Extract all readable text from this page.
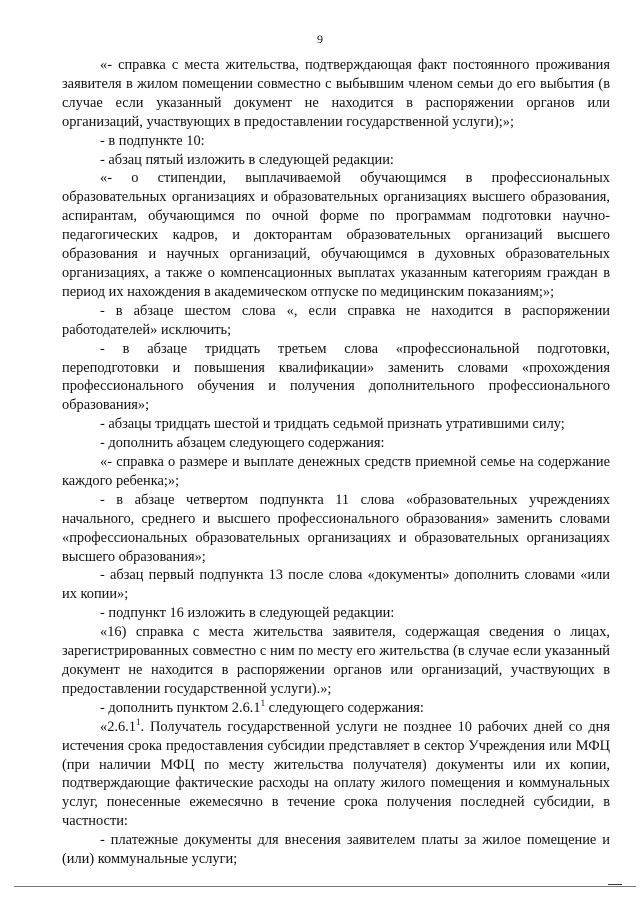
9

«- справка с места жительства, подтверждающая факт постоянного проживания заявителя в жилом помещении совместно с выбывшим членом семьи до его выбытия (в случае если указанный документ не находится в распоряжении органов или организаций, участвующих в предоставлении государственной услуги);»;

- в подпункте 10:

- абзац пятый изложить в следующей редакции:

«- о стипендии, выплачиваемой обучающимся в профессиональных образовательных организациях и образовательных организациях высшего образования, аспирантам, обучающимся по очной форме по программам подготовки научно-педагогических кадров, и докторантам образовательных организаций высшего образования и научных организаций, обучающимся в духовных образовательных организациях, а также о компенсационных выплатах указанным категориям граждан в период их нахождения в академическом отпуске по медицинским показаниям;»;

- в абзаце шестом слова «, если справка не находится в распоряжении работодателей» исключить;

- в абзаце тридцать третьем слова «профессиональной подготовки, переподготовки и повышения квалификации» заменить словами «прохождения профессионального обучения и получения дополнительного профессионального образования»;

- абзацы тридцать шестой и тридцать седьмой признать утратившими силу;

- дополнить абзацем следующего содержания:

«- справка о размере и выплате денежных средств приемной семье на содержание каждого ребенка;»;

- в абзаце четвертом подпункта 11 слова «образовательных учреждениях начального, среднего и высшего профессионального образования» заменить словами «профессиональных образовательных организациях и образовательных организациях высшего образования»;

- абзац первый подпункта 13 после слова «документы» дополнить словами «или их копии»;

- подпункт 16 изложить в следующей редакции:

«16) справка с места жительства заявителя, содержащая сведения о лицах, зарегистрированных совместно с ним по месту его жительства (в случае если указанный документ не находится в распоряжении органов или организаций, участвующих в предоставлении государственной услуги).»;

- дополнить пунктом 2.6.1$^1$ следующего содержания:

«2.6.1$^1$. Получатель государственной услуги не позднее 10 рабочих дней со дня истечения срока предоставления субсидии представляет в сектор Учреждения или МФЦ (при наличии МФЦ по месту жительства получателя) документы или их копии, подтверждающие фактические расходы на оплату жилого помещения и коммунальных услуг, понесенные ежемесячно в течение срока получения последней субсидии, в частности:

- платежные документы для внесения заявителем платы за жилое помещение и (или) коммунальные услуги;
